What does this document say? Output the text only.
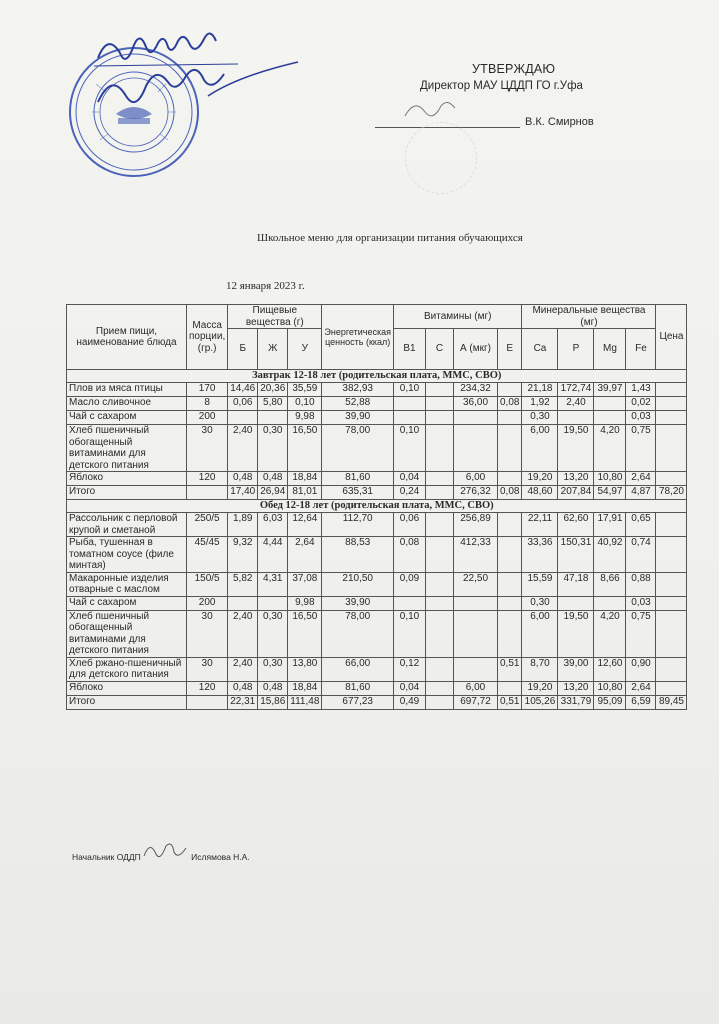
УТВЕРЖДАЮ
Директор МАУ ЦДДП ГО г.Уфа
В.К. Смирнов
Школьное меню для организации питания обучающихся
12 января 2023 г.
Прием пищи, наименование блюда	Масса порции, (гр.)	Пищевые вещества (г)			Энергетическая ценность (ккал)	Витамины (мг)				Минеральные вещества (мг)				Цена
		Б	Ж	У		B1	C	А (мкг)	Е	Ca	P	Mg	Fe	
Завтрак 12-18 лет (родительская плата, ММС, СВО)														
Плов из мяса птицы	170	14,46	20,36	35,59	382,93	0,10		234,32		21,18	172,74	39,97	1,43	
Масло сливочное	8	0,06	5,80	0,10	52,88			36,00	0,08	1,92	2,40		0,02	
Чай с сахаром	200			9,98	39,90					0,30			0,03	
Хлеб пшеничный обогащенный витаминами для детского питания	30	2,40	0,30	16,50	78,00	0,10				6,00	19,50	4,20	0,75	
Яблоко	120	0,48	0,48	18,84	81,60	0,04		6,00		19,20	13,20	10,80	2,64	
Итого		17,40	26,94	81,01	635,31	0,24		276,32	0,08	48,60	207,84	54,97	4,87	78,20
Обед 12-18 лет (родительская плата, ММС, СВО)														
Рассольник с перловой крупой и сметаной	250/5	1,89	6,03	12,64	112,70	0,06		256,89		22,11	62,60	17,91	0,65	
Рыба, тушенная в томатном соусе (филе минтая)	45/45	9,32	4,44	2,64	88,53	0,08		412,33		33,36	150,31	40,92	0,74	
Макаронные изделия отварные с маслом	150/5	5,82	4,31	37,08	210,50	0,09		22,50		15,59	47,18	8,66	0,88	
Чай с сахаром	200			9,98	39,90					0,30			0,03	
Хлеб пшеничный обогащенный витаминами для детского питания	30	2,40	0,30	16,50	78,00	0,10				6,00	19,50	4,20	0,75	
Хлеб ржано-пшеничный для детского питания	30	2,40	0,30	13,80	66,00	0,12			0,51	8,70	39,00	12,60	0,90	
Яблоко	120	0,48	0,48	18,84	81,60	0,04		6,00		19,20	13,20	10,80	2,64	
Итого		22,31	15,86	111,48	677,23	0,49		697,72	0,51	105,26	331,79	95,09	6,59	89,45
Начальник ОДДП	Ислямова Н.А.
